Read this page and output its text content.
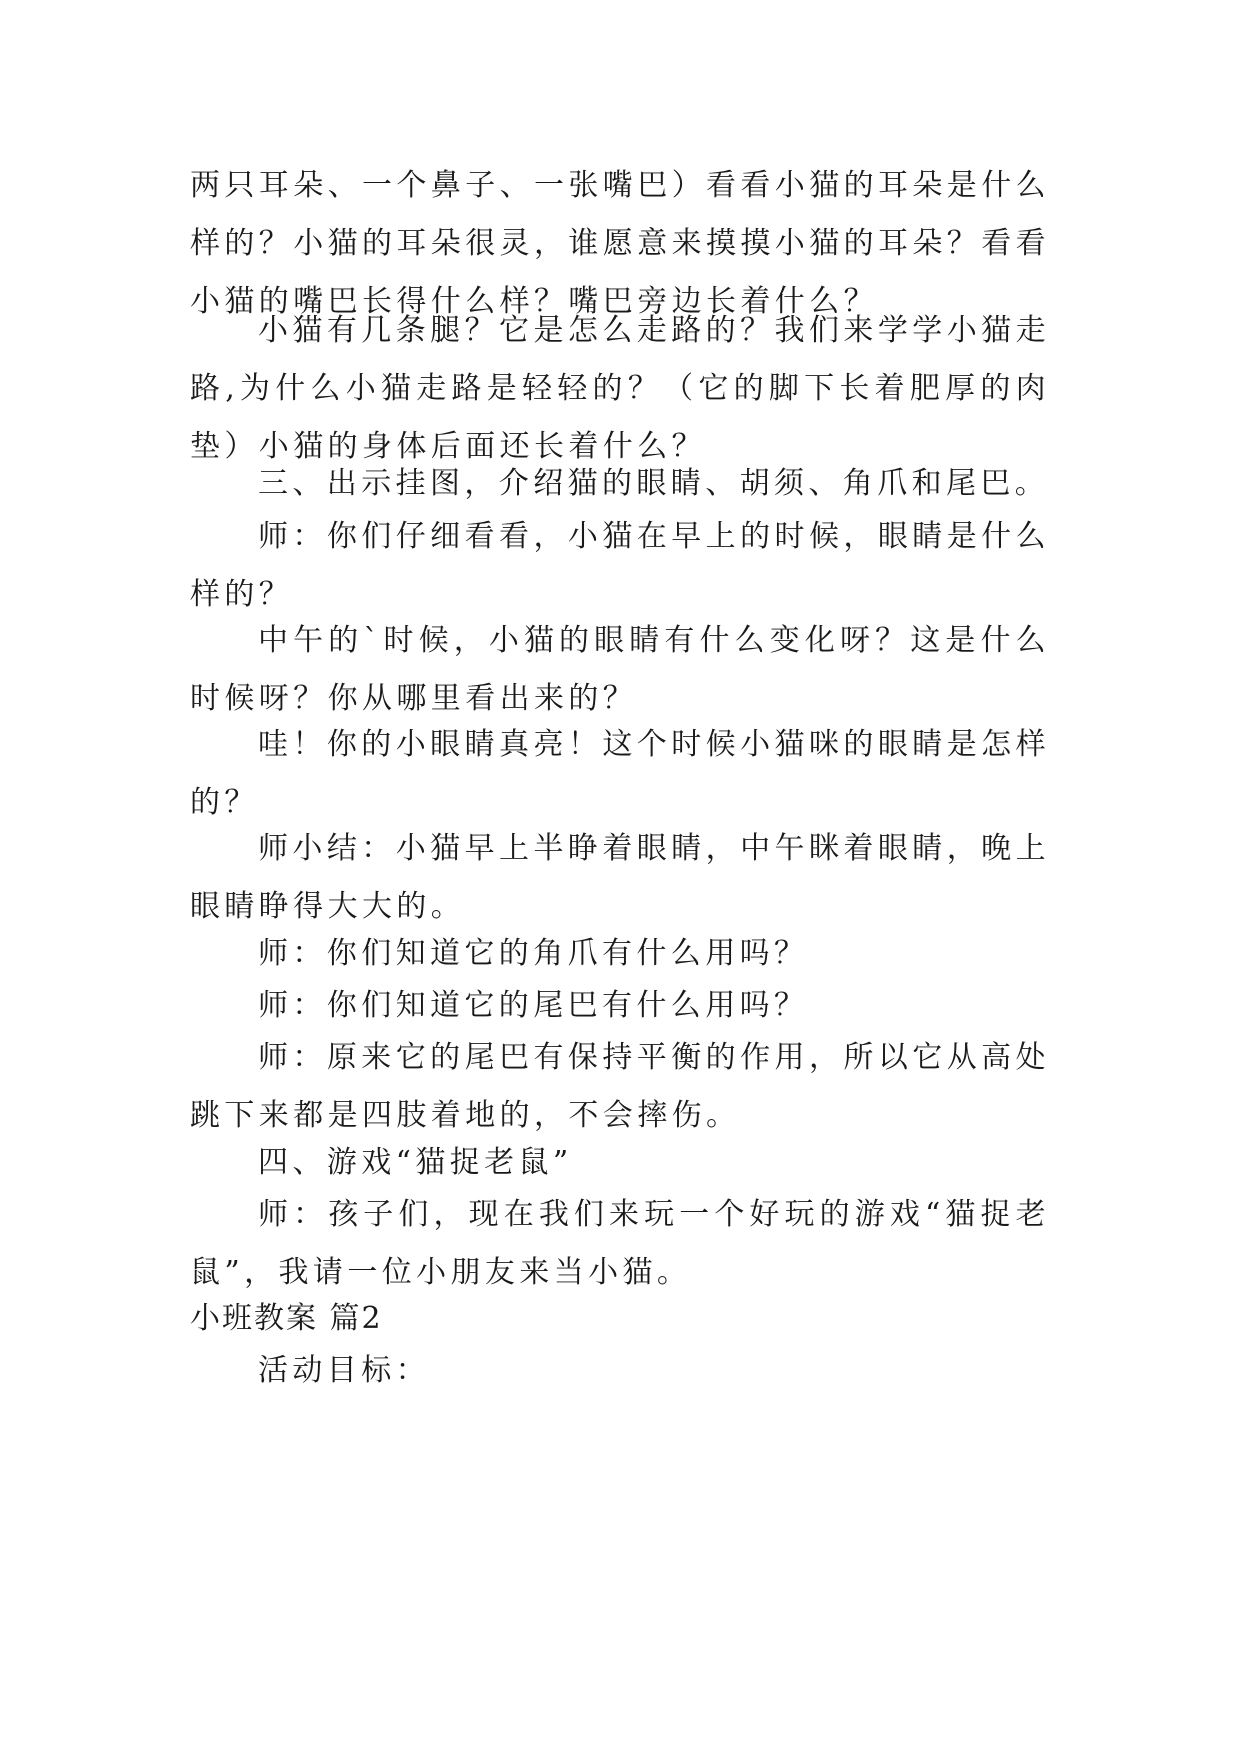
两只耳朵、一个鼻子、一张嘴巴）看看小猫的耳朵是什么样的？小猫的耳朵很灵，谁愿意来摸摸小猫的耳朵？看看小猫的嘴巴长得什么样？嘴巴旁边长着什么？

小猫有几条腿？它是怎么走路的？我们来学学小猫走路,为什么小猫走路是轻轻的？（它的脚下长着肥厚的肉垫）小猫的身体后面还长着什么？

三、出示挂图，介绍猫的眼睛、胡须、角爪和尾巴。

师：你们仔细看看，小猫在早上的时候，眼睛是什么样的？

中午的`时候，小猫的眼睛有什么变化呀？这是什么时候呀？你从哪里看出来的？

哇！你的小眼睛真亮！这个时候小猫咪的眼睛是怎样的？

师小结：小猫早上半睁着眼睛，中午眯着眼睛，晚上眼睛睁得大大的。

师：你们知道它的角爪有什么用吗？

师：你们知道它的尾巴有什么用吗？

师：原来它的尾巴有保持平衡的作用，所以它从高处跳下来都是四肢着地的，不会摔伤。

四、游戏“猫捉老鼠”

师：孩子们，现在我们来玩一个好玩的游戏“猫捉老鼠”，我请一位小朋友来当小猫。

小班教案 篇2

活动目标：
